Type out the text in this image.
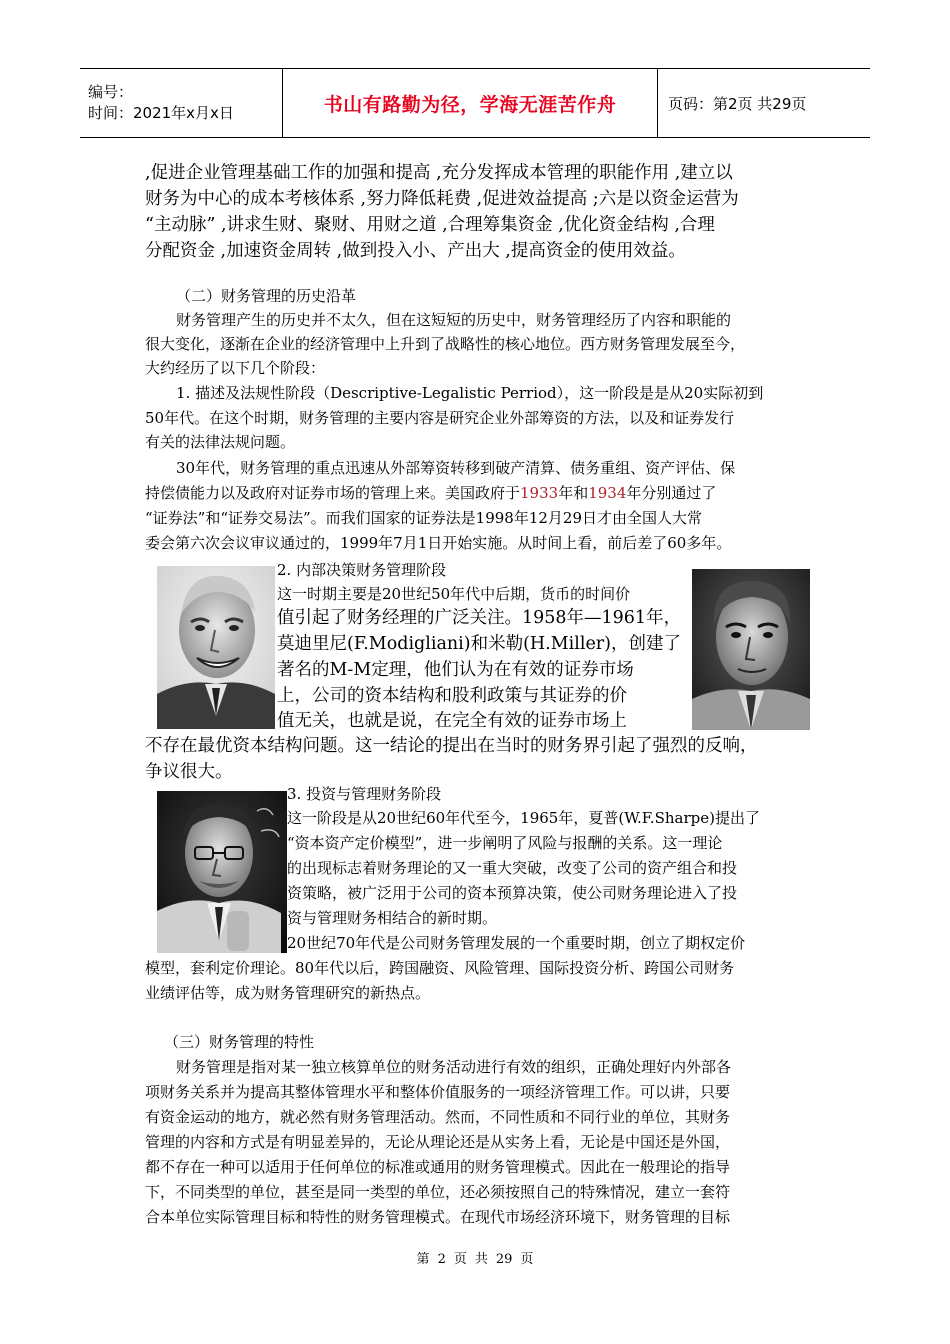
编号：
时间：2021年x月x日	书山有路勤为径，学海无涯苦作舟	页码：第2页 共29页
,促进企业管理基础工作的加强和提高 ,充分发挥成本管理的职能作用 ,建立以
财务为中心的成本考核体系 ,努力降低耗费 ,促进效益提高 ;六是以资金运营为
“主动脉” ,讲求生财、聚财、用财之道 ,合理筹集资金 ,优化资金结构 ,合理
分配资金 ,加速资金周转 ,做到投入小、产出大 ,提高资金的使用效益。
（二）财务管理的历史沿革
财务管理产生的历史并不太久，但在这短短的历史中，财务管理经历了内容和职能的
很大变化，逐渐在企业的经济管理中上升到了战略性的核心地位。西方财务管理发展至今，
大约经历了以下几个阶段：
1. 描述及法规性阶段（Descriptive-Legalistic Perriod），这一阶段是是从20实际初到
50年代。在这个时期，财务管理的主要内容是研究企业外部筹资的方法，以及和证券发行
有关的法律法规问题。
30年代，财务管理的重点迅速从外部筹资转移到破产清算、债务重组、资产评估、保
持偿债能力以及政府对证券市场的管理上来。美国政府于1933年和1934年分别通过了
“证券法”和“证券交易法”。而我们国家的证券法是1998年12月29日才由全国人大常
委会第六次会议审议通过的，1999年7月1日开始实施。从时间上看，前后差了60多年。
2. 内部决策财务管理阶段
这一时期主要是20世纪50年代中后期，货币的时间价
值引起了财务经理的广泛关注。1958年—1961年，
莫迪里尼(F.Modigliani)和米勒(H.Miller)，创建了
著名的M-M定理，他们认为在有效的证券市场
上，公司的资本结构和股利政策与其证券的价
值无关，也就是说，在完全有效的证券市场上
不存在最优资本结构问题。这一结论的提出在当时的财务界引起了强烈的反响，
争议很大。
3. 投资与管理财务阶段
这一阶段是从20世纪60年代至今，1965年，夏普(W.F.Sharpe)提出了
“资本资产定价模型”，进一步阐明了风险与报酬的关系。这一理论
的出现标志着财务理论的又一重大突破，改变了公司的资产组合和投
资策略，被广泛用于公司的资本预算决策，使公司财务理论进入了投
资与管理财务相结合的新时期。
20世纪70年代是公司财务管理发展的一个重要时期，创立了期权定价
模型，套利定价理论。80年代以后，跨国融资、风险管理、国际投资分析、跨国公司财务
业绩评估等，成为财务管理研究的新热点。
（三）财务管理的特性
财务管理是指对某一独立核算单位的财务活动进行有效的组织，正确处理好内外部各
项财务关系并为提高其整体管理水平和整体价值服务的一项经济管理工作。可以讲，只要
有资金运动的地方，就必然有财务管理活动。然而，不同性质和不同行业的单位，其财务
管理的内容和方式是有明显差异的，无论从理论还是从实务上看，无论是中国还是外国，
都不存在一种可以适用于任何单位的标准或通用的财务管理模式。因此在一般理论的指导
下，不同类型的单位，甚至是同一类型的单位，还必须按照自己的特殊情况，建立一套符
合本单位实际管理目标和特性的财务管理模式。在现代市场经济环境下，财务管理的目标
第 2 页 共 29 页
